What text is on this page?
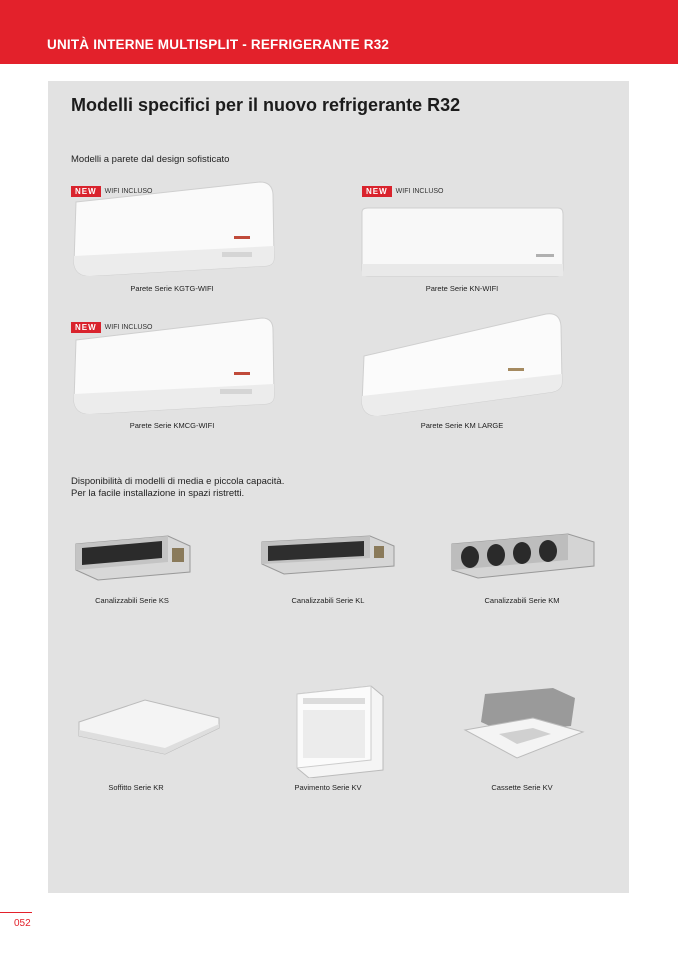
UNITÀ INTERNE MULTISPLIT - REFRIGERANTE R32
Modelli specifici per il nuovo refrigerante R32
Modelli a parete dal design sofisticato
NEW	WIFI INCLUSO
Parete Serie KGTG-WIFI
NEW	WIFI INCLUSO
Parete Serie KN-WIFI
NEW	WIFI INCLUSO
Parete Serie KMCG-WIFI	Parete Serie KM LARGE
Disponibilità di modelli di media e piccola capacità.
Per la facile installazione in spazi ristretti.
Canalizzabili Serie KS	Canalizzabili Serie KL	Canalizzabili Serie KM
Soffitto Serie KR	Pavimento Serie KV	Cassette Serie KV
052
